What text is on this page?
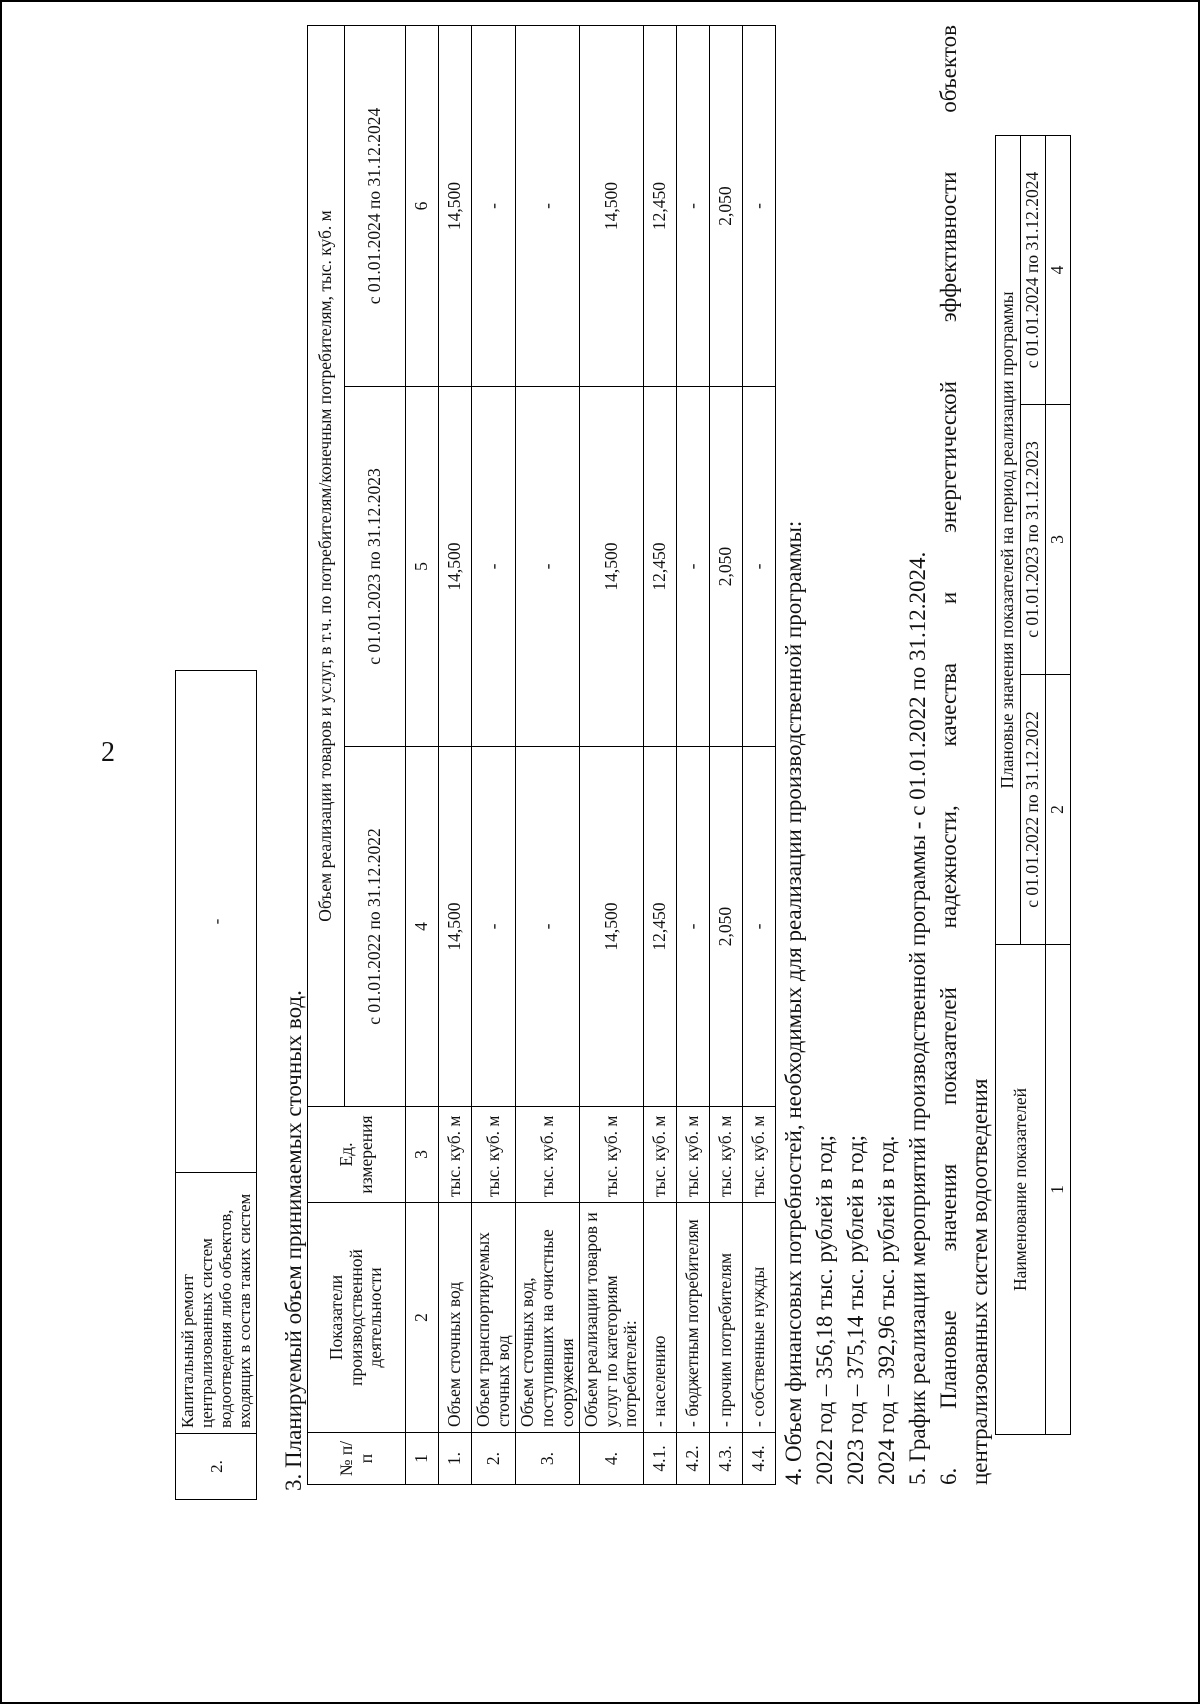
2
2.	Капитальный ремонт централизованных систем водоотведения либо объектов, входящих в состав таких систем	-
3. Планируемый объем принимаемых сточных вод. № п/п	Показатели производственной деятельности	Ед. измерения	Объем реализации товаров и услуг, в т.ч. по потребителям/конечным потребителям, тыс. куб. м		
			с 01.01.2022 по 31.12.2022	с 01.01.2023 по 31.12.2023	с 01.01.2024 по 31.12.2024
1	2	3	4	5	6
1.	Объем сточных вод	тыс. куб. м	14,500	14,500	14,500
2.	Объем транспортируемых сточных вод	тыс. куб. м	-	-	-
3.	Объем сточных вод, поступивших на очистные сооружения	тыс. куб. м	-	-	-
4.	Объем реализации товаров и услуг по категориям потребителей:	тыс. куб. м	14,500	14,500	14,500
4.1.	- населению	тыс. куб. м	12,450	12,450	12,450
4.2.	- бюджетным потребителям	тыс. куб. м	-	-	-
4.3.	- прочим потребителям	тыс. куб. м	2,050	2,050	2,050
4.4.	- собственные нужды	тыс. куб. м	-	-	-

4. Объем финансовых потребностей, необходимых для реализации производственной программы: 2022 год – 356,18 тыс. рублей в год; 2023 год – 375,14 тыс. рублей в год; 2024 год – 392,96 тыс. рублей в год. 5. График реализации мероприятий производственной программы - с 01.01.2022 по 31.12.2024. 6. Плановые значения показателей надежности, качества и энергетической эффективности объектов централизованных систем водоотведения Наименование показателей	Плановые значения показателей на период реализации программы		
	с 01.01.2022 по 31.12.2022	с 01.01.2023 по 31.12.2023	с 01.01.2024 по 31.12.2024
1	2	3	4
